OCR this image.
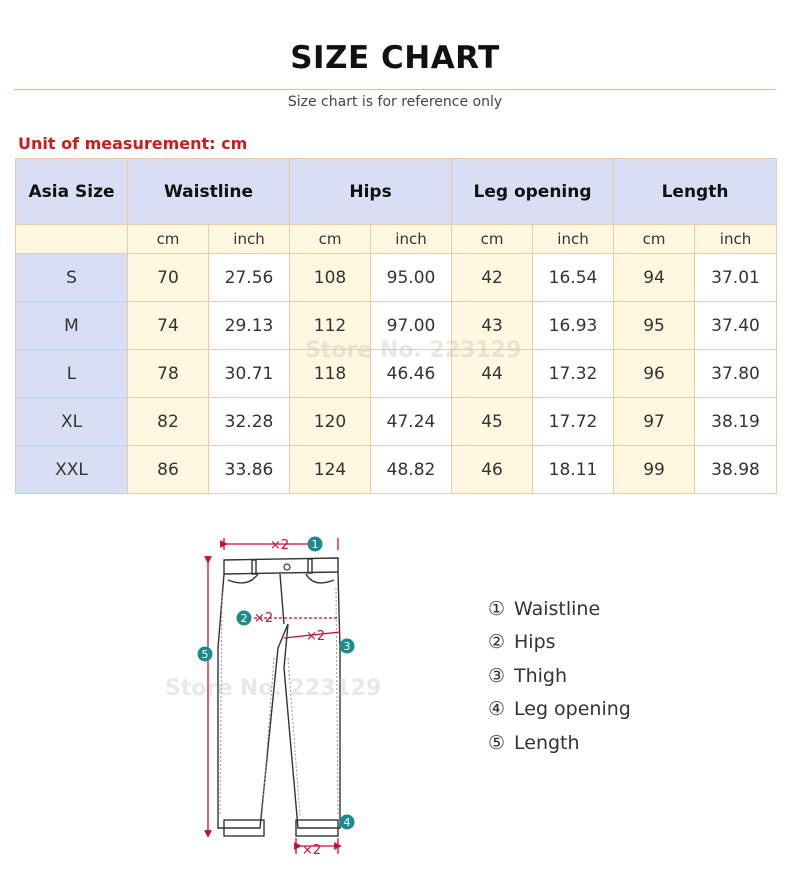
SIZE CHART
Size chart is for reference only
Unit of measurement: cm
Asia Size	Waistline		Hips		Leg opening		Length	
	cm	inch	cm	inch	cm	inch	cm	inch
S	70	27.56	108	95.00	42	16.54	94	37.01
M	74	29.13	112	97.00	43	16.93	95	37.40
L	78	30.71	118	46.46	44	17.32	96	37.80
XL	82	32.28	120	47.24	45	17.72	97	38.19
XXL	86	33.86	124	48.82	46	18.11	99	38.98
×2
×2
×2
×2
1
2
3
4
5
① Waistline
② Hips
③ Thigh
④ Leg opening
⑤ Length
Store No. 223129
Store No. 223129
